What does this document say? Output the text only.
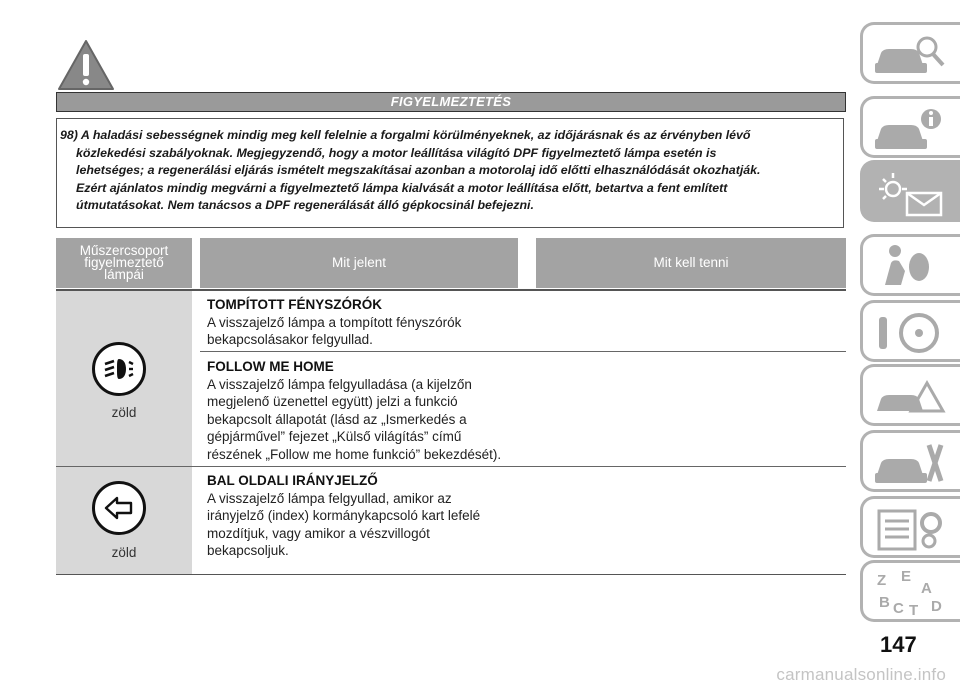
FIGYELMEZTETÉS
98) A haladási sebességnek mindig meg kell felelnie a forgalmi körülményeknek, az időjárásnak és az érvényben lévő
közlekedési szabályoknak. Megjegyzendő, hogy a motor leállítása világító DPF figyelmeztető lámpa esetén is
lehetséges; a regenerálási eljárás ismételt megszakításai azonban a motorolaj idő előtti elhasználódását okozhatják.
Ezért ajánlatos mindig megvárni a figyelmeztető lámpa kialvását a motor leállítása előtt, betartva a fent említett
útmutatásokat. Nem tanácsos a DPF regenerálását álló gépkocsinál befejezni.
Műszercsoport
figyelmeztető
lámpái
Mit jelent	Mit kell tenni
zöld
TOMPÍTOTT FÉNYSZÓRÓK
A visszajelző lámpa a tompított fényszórók
bekapcsolásakor felgyullad.
FOLLOW ME HOME
A visszajelző lámpa felgyulladása (a kijelzőn
megjelenő üzenettel együtt) jelzi a funkció
bekapcsolt állapotát (lásd az „Ismerkedés a
gépjárművel” fejezet „Külső világítás” című
részének „Follow me home funkció” bekezdését).
zöld
BAL OLDALI IRÁNYJELZŐ
A visszajelző lámpa felgyullad, amikor az
irányjelző (index) kormánykapcsoló kart lefelé
mozdítjuk, vagy amikor a vészvillogót
bekapcsoljuk.
Z E
A
B C T D
147
carmanualsonline.info
